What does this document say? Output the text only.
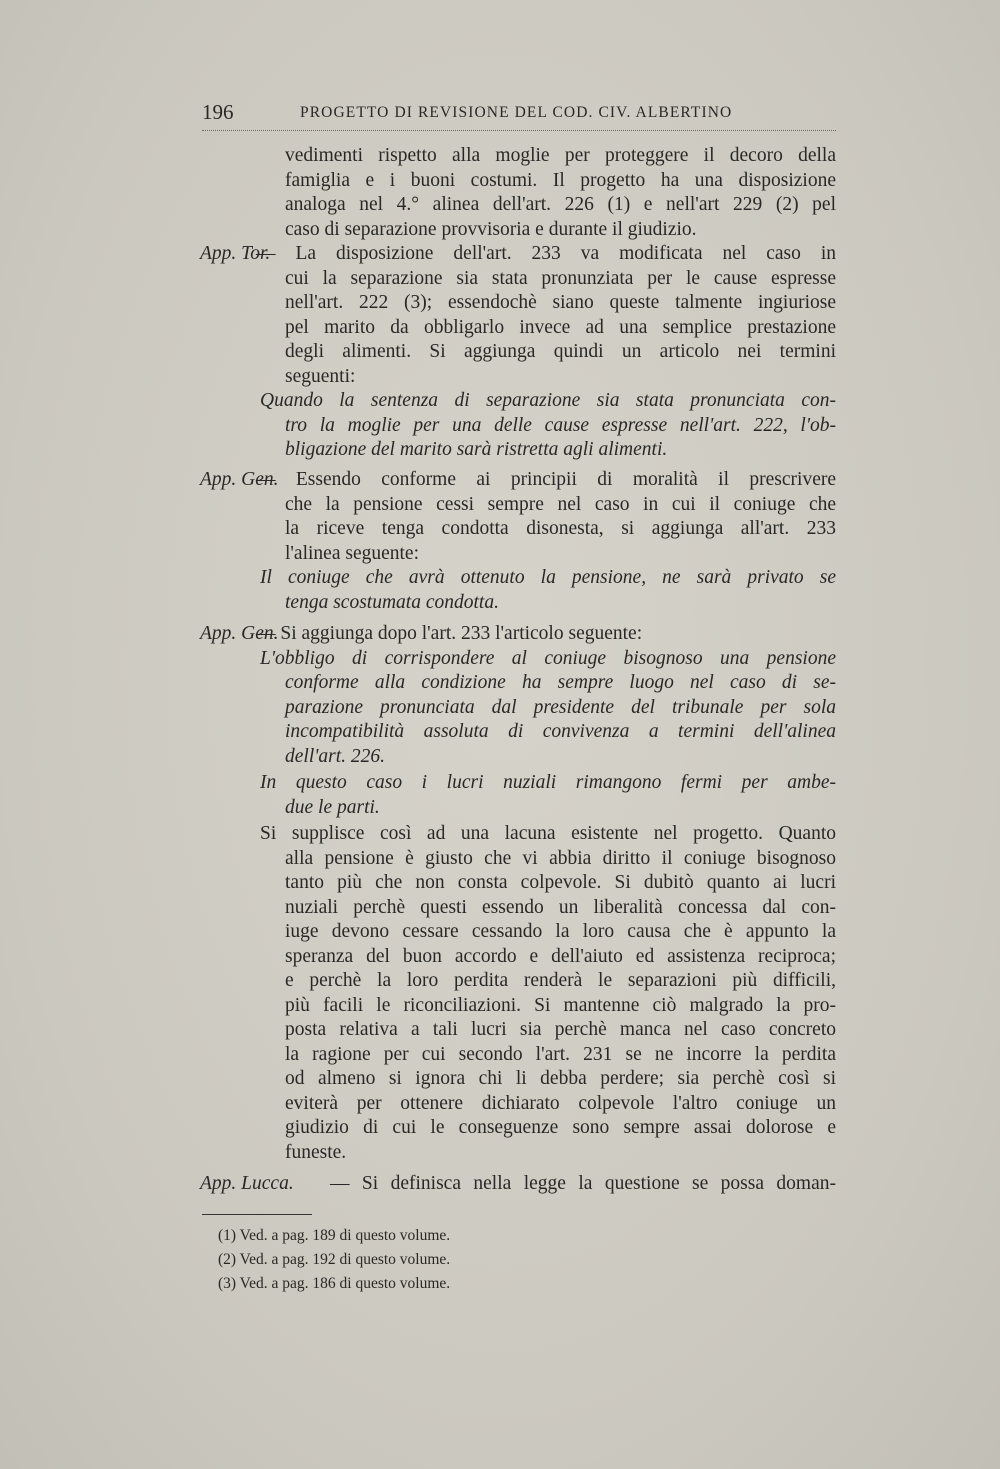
196	PROGETTO DI REVISIONE DEL COD. CIV. ALBERTINO
vedimenti rispetto alla moglie per proteggere il decoro della
famiglia e i buoni costumi. Il progetto ha una disposizione
analoga nel 4.° alinea dell'art. 226 (1) e nell'art 229 (2) pel
caso di separazione provvisoria e durante il giudizio.
App. Tor.
— La disposizione dell'art. 233 va modificata nel caso in
cui la separazione sia stata pronunziata per le cause espresse
nell'art. 222 (3); essendochè siano queste talmente ingiuriose
pel marito da obbligarlo invece ad una semplice prestazione
degli alimenti. Si aggiunga quindi un articolo nei termini
seguenti:
Quando la sentenza di separazione sia stata pronunciata con-
tro la moglie per una delle cause espresse nell'art. 222, l'ob-
bligazione del marito sarà ristretta agli alimenti.
App. Gen.
— Essendo conforme ai principii di moralità il prescrivere
che la pensione cessi sempre nel caso in cui il coniuge che
la riceve tenga condotta disonesta, si aggiunga all'art. 233
l'alinea seguente:
Il coniuge che avrà ottenuto la pensione, ne sarà privato se
tenga scostumata condotta.
App. Gen.
— Si aggiunga dopo l'art. 233 l'articolo seguente:
L'obbligo di corrispondere al coniuge bisognoso una pensione
conforme alla condizione ha sempre luogo nel caso di se-
parazione pronunciata dal presidente del tribunale per sola
incompatibilità assoluta di convivenza a termini dell'alinea
dell'art. 226.
In questo caso i lucri nuziali rimangono fermi per ambe-
due le parti.
Si supplisce così ad una lacuna esistente nel progetto. Quanto
alla pensione è giusto che vi abbia diritto il coniuge bisognoso
tanto più che non consta colpevole. Si dubitò quanto ai lucri
nuziali perchè questi essendo un liberalità concessa dal con-
iuge devono cessare cessando la loro causa che è appunto la
speranza del buon accordo e dell'aiuto ed assistenza reciproca;
e perchè la loro perdita renderà le separazioni più difficili,
più facili le riconciliazioni. Si mantenne ciò malgrado la pro-
posta relativa a tali lucri sia perchè manca nel caso concreto
la ragione per cui secondo l'art. 231 se ne incorre la perdita
od almeno si ignora chi li debba perdere; sia perchè così si
eviterà per ottenere dichiarato colpevole l'altro coniuge un
giudizio di cui le conseguenze sono sempre assai dolorose e
funeste.
App. Lucca.	— Si definisca nella legge la questione se possa doman-
(1) Ved. a pag. 189 di questo volume.
(2) Ved. a pag. 192 di questo volume.
(3) Ved. a pag. 186 di questo volume.
